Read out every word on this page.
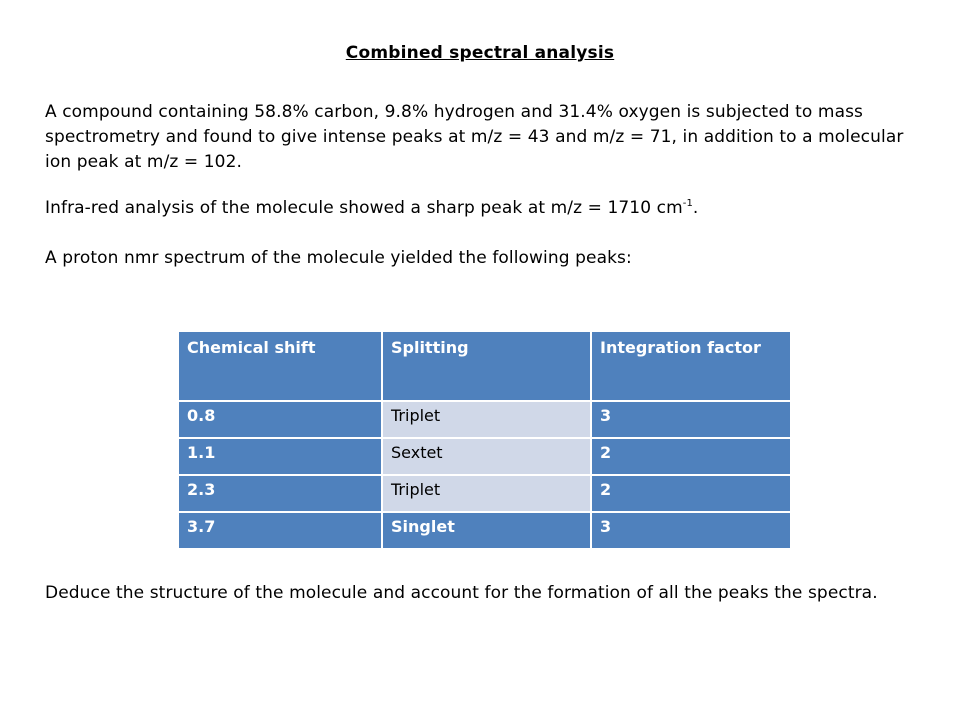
Combined spectral analysis

A compound containing 58.8% carbon, 9.8% hydrogen and 31.4% oxygen is subjected to mass spectrometry and found to give intense peaks at m/z = 43 and m/z = 71, in addition to a molecular ion peak at m/z = 102.

Infra-red analysis of the molecule showed a sharp peak at m/z = 1710 $cm^{-1}$.

A proton nmr spectrum of the molecule yielded the following peaks:

Chemical shift	Splitting	Integration factor
0.8	Triplet	3
1.1	Sextet	2
2.3	Triplet	2
3.7	Singlet	3

Deduce the structure of the molecule and account for the formation of all the peaks the spectra.
